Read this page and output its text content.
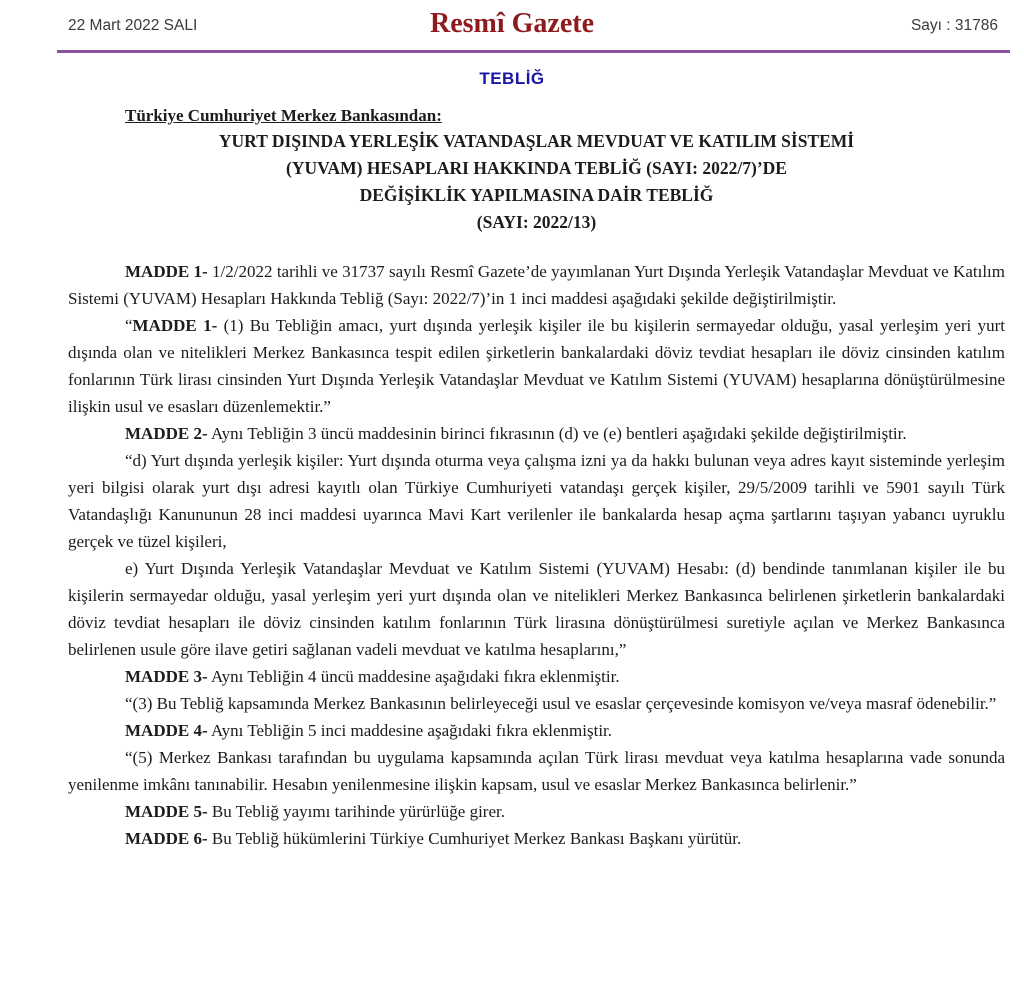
Resmî Gazete
22 Mart 2022 SALI	Sayı : 31786
TEBLİĞ
Türkiye Cumhuriyet Merkez Bankasından:
YURT DIŞINDA YERLEŞİK VATANDAŞLAR MEVDUAT VE KATILIM SİSTEMİ
(YUVAM) HESAPLARI HAKKINDA TEBLİĞ (SAYI: 2022/7)’DE
DEĞİŞİKLİK YAPILMASINA DAİR TEBLİĞ
(SAYI: 2022/13)

MADDE 1- 1/2/2022 tarihli ve 31737 sayılı Resmî Gazete’de yayımlanan Yurt Dışında Yerleşik Vatandaşlar Mevduat ve Katılım Sistemi (YUVAM) Hesapları Hakkında Tebliğ (Sayı: 2022/7)’in 1 inci maddesi aşağıdaki şekilde değiştirilmiştir.

“MADDE 1- (1) Bu Tebliğin amacı, yurt dışında yerleşik kişiler ile bu kişilerin sermayedar olduğu, yasal yerleşim yeri yurt dışında olan ve nitelikleri Merkez Bankasınca tespit edilen şirketlerin bankalardaki döviz tevdiat hesapları ile döviz cinsinden katılım fonlarının Türk lirası cinsinden Yurt Dışında Yerleşik Vatandaşlar Mevduat ve Katılım Sistemi (YUVAM) hesaplarına dönüştürülmesine ilişkin usul ve esasları düzenlemektir.”

MADDE 2- Aynı Tebliğin 3 üncü maddesinin birinci fıkrasının (d) ve (e) bentleri aşağıdaki şekilde değiştirilmiştir.

“d) Yurt dışında yerleşik kişiler: Yurt dışında oturma veya çalışma izni ya da hakkı bulunan veya adres kayıt sisteminde yerleşim yeri bilgisi olarak yurt dışı adresi kayıtlı olan Türkiye Cumhuriyeti vatandaşı gerçek kişiler, 29/5/2009 tarihli ve 5901 sayılı Türk Vatandaşlığı Kanununun 28 inci maddesi uyarınca Mavi Kart verilenler ile bankalarda hesap açma şartlarını taşıyan yabancı uyruklu gerçek ve tüzel kişileri,

e) Yurt Dışında Yerleşik Vatandaşlar Mevduat ve Katılım Sistemi (YUVAM) Hesabı: (d) bendinde tanımlanan kişiler ile bu kişilerin sermayedar olduğu, yasal yerleşim yeri yurt dışında olan ve nitelikleri Merkez Bankasınca belirlenen şirketlerin bankalardaki döviz tevdiat hesapları ile döviz cinsinden katılım fonlarının Türk lirasına dönüştürülmesi suretiyle açılan ve Merkez Bankasınca belirlenen usule göre ilave getiri sağlanan vadeli mevduat ve katılma hesaplarını,”

MADDE 3- Aynı Tebliğin 4 üncü maddesine aşağıdaki fıkra eklenmiştir.

“(3) Bu Tebliğ kapsamında Merkez Bankasının belirleyeceği usul ve esaslar çerçevesinde komisyon ve/veya masraf ödenebilir.”

MADDE 4- Aynı Tebliğin 5 inci maddesine aşağıdaki fıkra eklenmiştir.

“(5) Merkez Bankası tarafından bu uygulama kapsamında açılan Türk lirası mevduat veya katılma hesaplarına vade sonunda yenilenme imkânı tanınabilir. Hesabın yenilenmesine ilişkin kapsam, usul ve esaslar Merkez Bankasınca belirlenir.”

MADDE 5- Bu Tebliğ yayımı tarihinde yürürlüğe girer.

MADDE 6- Bu Tebliğ hükümlerini Türkiye Cumhuriyet Merkez Bankası Başkanı yürütür.
